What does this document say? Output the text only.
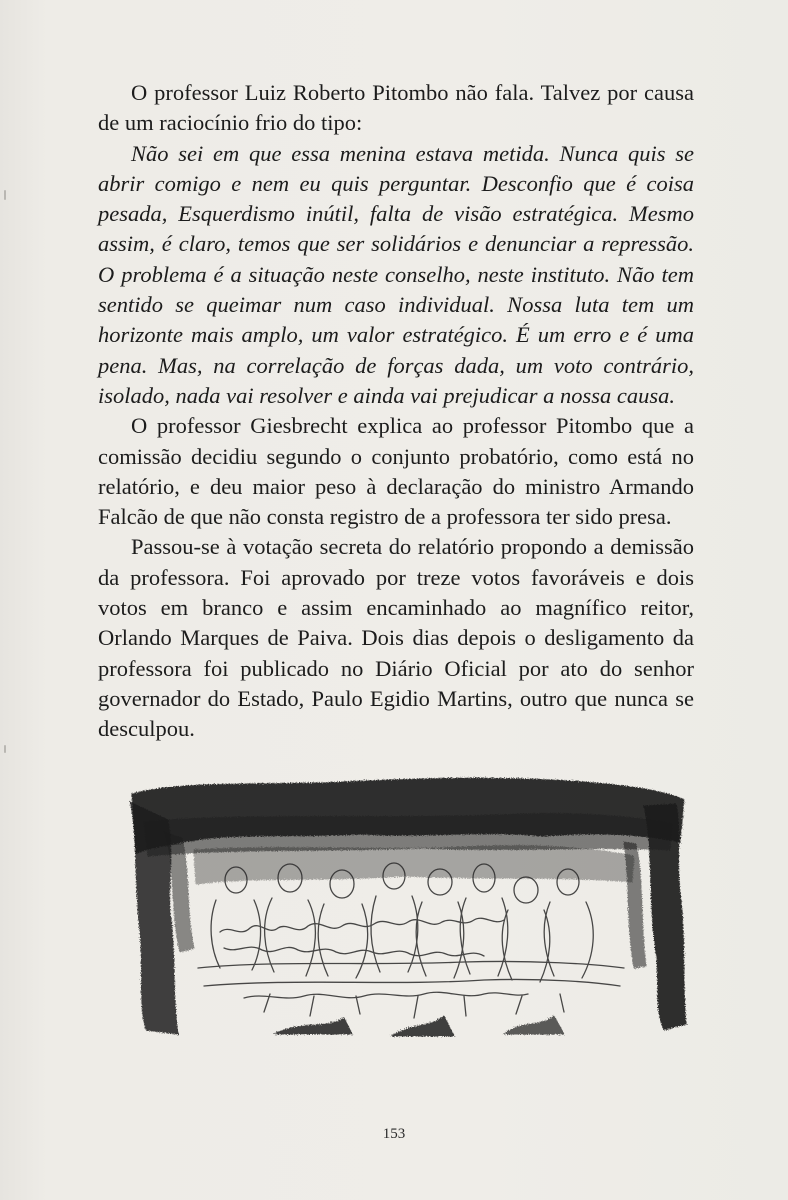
O professor Luiz Roberto Pitombo não fala. Talvez por causa de um raciocínio frio do tipo:

Não sei em que essa menina estava metida. Nunca quis se abrir comigo e nem eu quis perguntar. Desconfio que é coisa pesada, Esquerdismo inútil, falta de visão estratégica. Mesmo assim, é claro, temos que ser solidários e denunciar a repressão. O problema é a situação neste conselho, neste instituto. Não tem sentido se queimar num caso individual. Nossa luta tem um horizonte mais amplo, um valor estratégico. É um erro e é uma pena. Mas, na correlação de forças dada, um voto contrário, isolado, nada vai resolver e ainda vai prejudicar a nossa causa.

O professor Giesbrecht explica ao professor Pitombo que a comissão decidiu segundo o conjunto probatório, como está no relatório, e deu maior peso à declaração do ministro Armando Falcão de que não consta registro de a professora ter sido presa.

Passou-se à votação secreta do relatório propondo a demissão da professora. Foi aprovado por treze votos favoráveis e dois votos em branco e assim encaminhado ao magnífico reitor, Orlando Marques de Paiva. Dois dias depois o desligamento da professora foi publicado no Diário Oficial por ato do senhor governador do Estado, Paulo Egidio Martins, outro que nunca se desculpou.

153
